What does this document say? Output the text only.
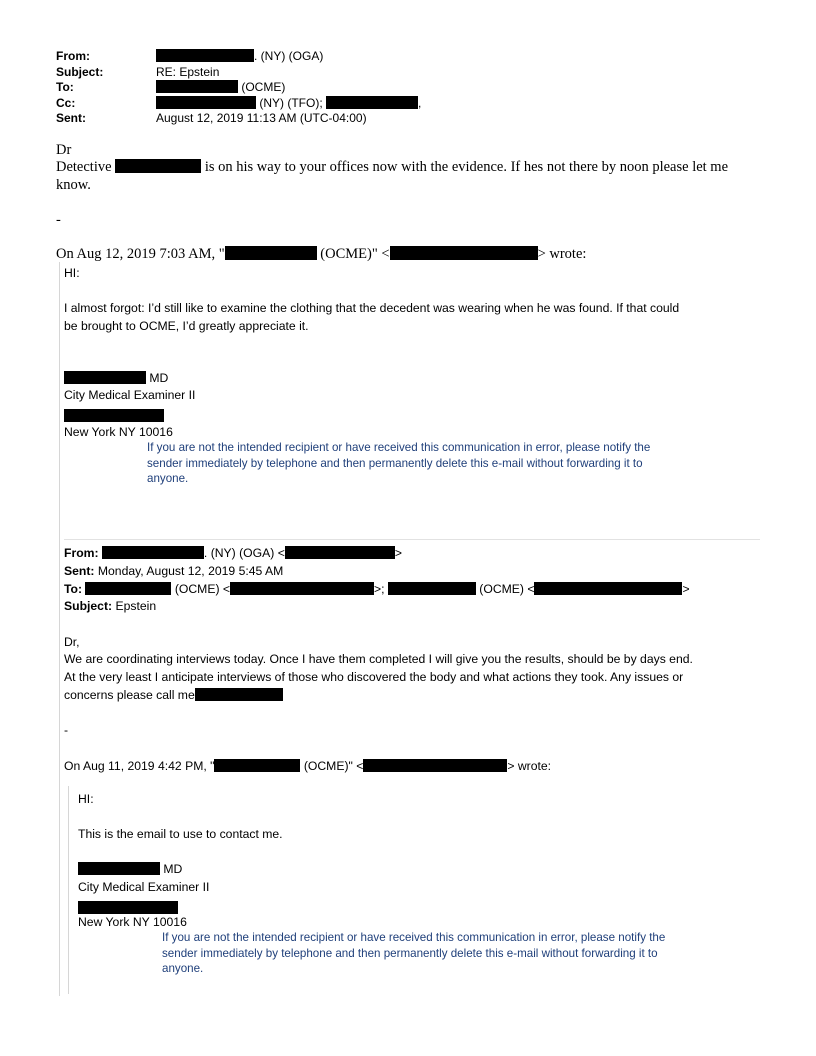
From:	. (NY) (OGA)
Subject:	RE: Epstein
To:	(OCME)
Cc:	(NY) (TFO);	,
Sent:	August 12, 2019 11:13 AM (UTC-04:00)
Dr
Detective	is on his way to your offices now with the evidence. If hes not there by noon please let me
know.
-
On Aug 12, 2019 7:03 AM, "	(OCME)" <	> wrote:
HI:
I almost forgot: I’d still like to examine the clothing that the decedent was wearing when he was found. If that could
be brought to OCME, I’d greatly appreciate it.
MD
City Medical Examiner II
New York NY 10016
If you are not the intended recipient or have received this communication in error, please notify the sender immediately by telephone and then permanently delete this e-mail without forwarding it to anyone.
From:	. (NY) (OGA) <	>
Sent: Monday, August 12, 2019 5:45 AM
To:	(OCME) <	>;	(OCME) <	>
Subject: Epstein
Dr,
We are coordinating interviews today. Once I have them completed I will give you the results, should be by days end.
At the very least I anticipate interviews of those who discovered the body and what actions they took. Any issues or
concerns please call me
-
On Aug 11, 2019 4:42 PM, "	(OCME)" <	> wrote:
HI:
This is the email to use to contact me.
MD
City Medical Examiner II
New York NY 10016
If you are not the intended recipient or have received this communication in error, please notify the sender immediately by telephone and then permanently delete this e-mail without forwarding it to anyone.
